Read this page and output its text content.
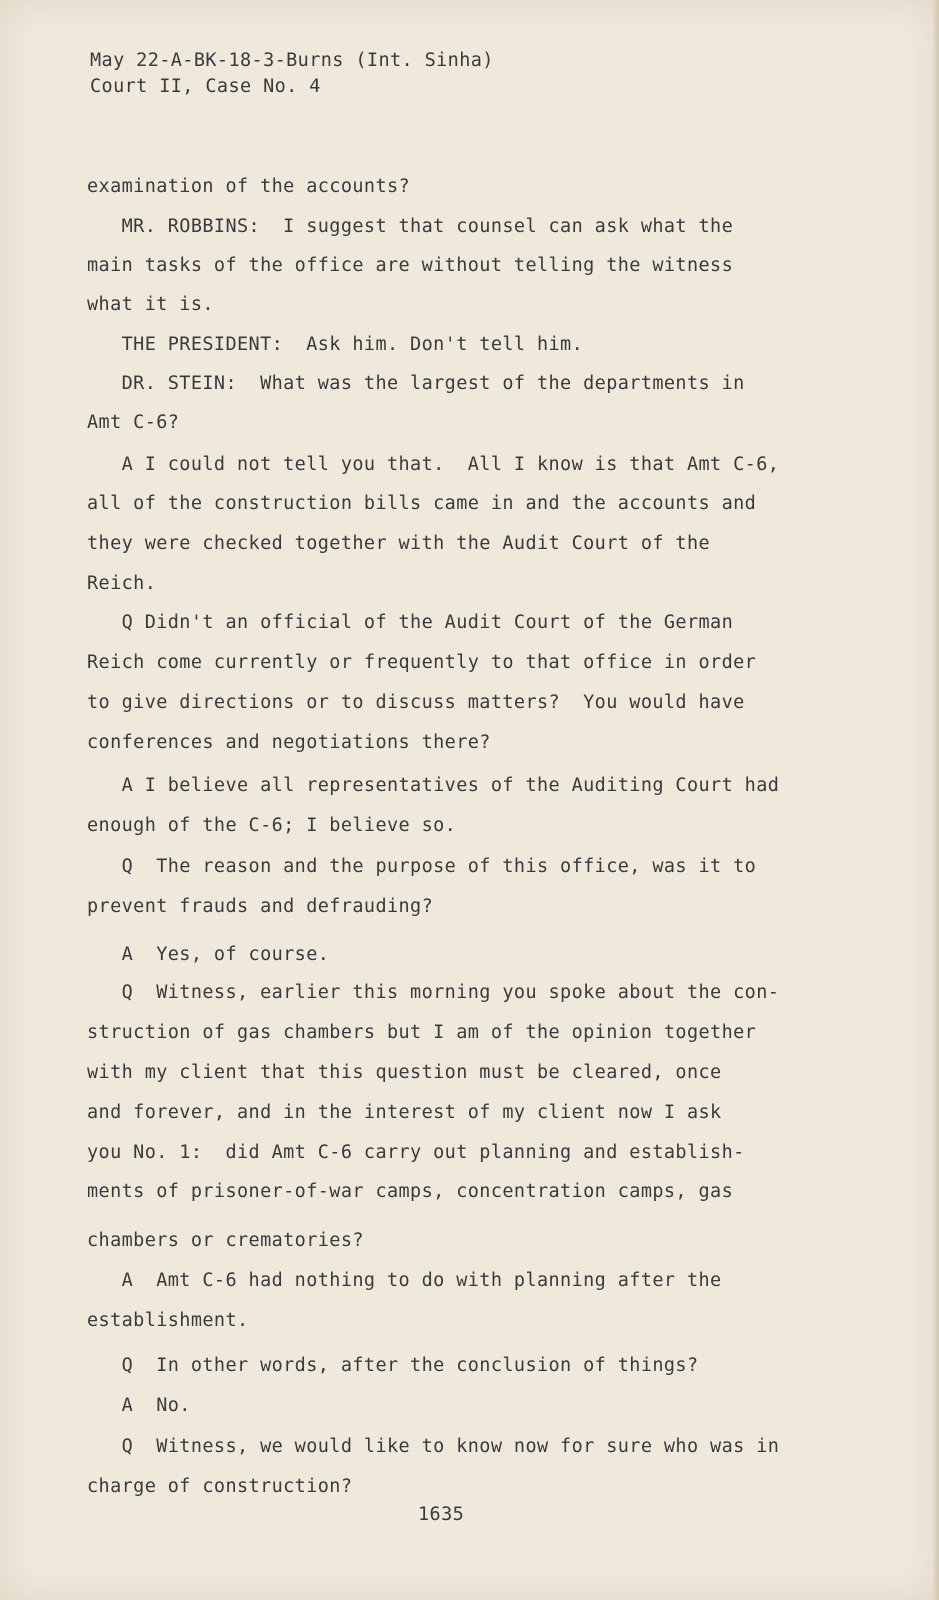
May 22-A-BK-18-3-Burns (Int. Sinha)
Court II, Case No. 4
examination of the accounts?
MR. ROBBINS:  I suggest that counsel can ask what the
main tasks of the office are without telling the witness
what it is.
THE PRESIDENT:  Ask him. Don't tell him.
DR. STEIN:  What was the largest of the departments in
Amt C-6?
A I could not tell you that.  All I know is that Amt C-6,
all of the construction bills came in and the accounts and
they were checked together with the Audit Court of the
Reich.
Q Didn't an official of the Audit Court of the German
Reich come currently or frequently to that office in order
to give directions or to discuss matters?  You would have
conferences and negotiations there?
A I believe all representatives of the Auditing Court had
enough of the C-6; I believe so.
Q  The reason and the purpose of this office, was it to
prevent frauds and defrauding?
A  Yes, of course.
Q  Witness, earlier this morning you spoke about the con-
struction of gas chambers but I am of the opinion together
with my client that this question must be cleared, once
and forever, and in the interest of my client now I ask
you No. 1:  did Amt C-6 carry out planning and establish-
ments of prisoner-of-war camps, concentration camps, gas
chambers or crematories?
A  Amt C-6 had nothing to do with planning after the
establishment.
Q  In other words, after the conclusion of things?
A  No.
Q  Witness, we would like to know now for sure who was in
charge of construction?
1635
